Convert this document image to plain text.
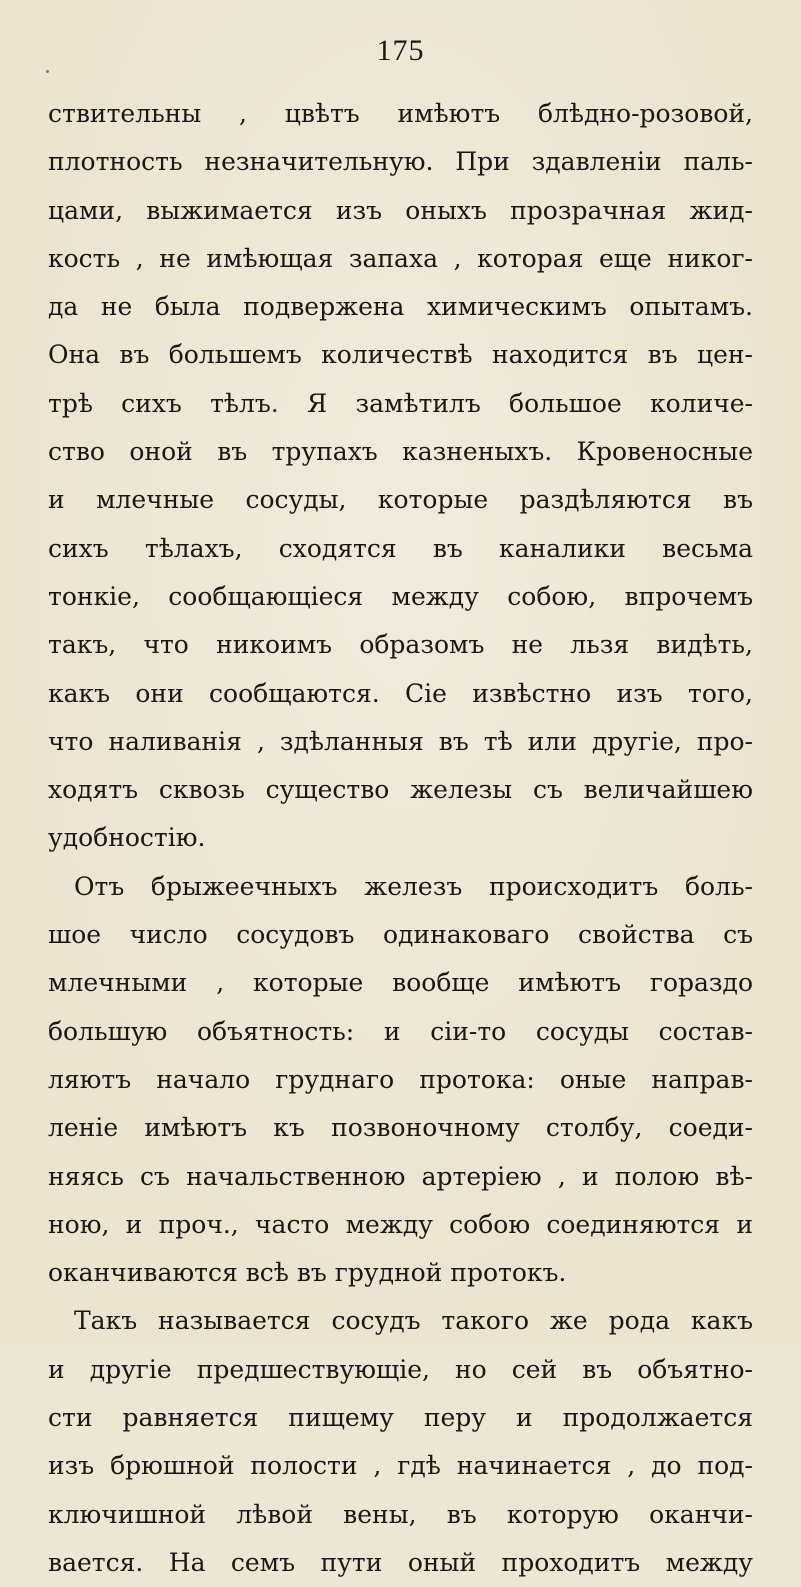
175
ствительны , цвѣтъ имѣютъ блѣдно-розовой,
плотность незначительную. При здавленіи паль-
цами, выжимается изъ оныхъ прозрачная жид-
кость , не имѣющая запаха , которая еще никог-
да не была подвержена химическимъ опытамъ.
Она въ большемъ количествѣ находится въ цен-
трѣ сихъ тѣлъ. Я замѣтилъ большое количе-
ство оной въ трупахъ казненыхъ. Кровеносные
и млечные сосуды, которые раздѣляются въ
сихъ тѣлахъ, сходятся въ каналики весьма
тонкіе, сообщающіеся между собою, впрочемъ
такъ, что никоимъ образомъ не льзя видѣть,
какъ они сообщаются. Сіе извѣстно изъ того,
что наливанія , здѣланныя въ тѣ или другіе, про-
ходятъ сквозь существо железы съ величайшею
удобностію.
Отъ брыжеечныхъ железъ происходитъ боль-
шое число сосудовъ одинаковаго свойства съ
млечными , которые вообще имѣютъ гораздо
большую объятность: и сіи-то сосуды состав-
ляютъ начало груднаго протока: оные направ-
леніе имѣютъ къ позвоночному столбу, соеди-
няясь съ начальственною артеріею , и полою вѣ-
ною, и проч., часто между собою соединяются и
оканчиваются всѣ въ грудной протокъ.
Такъ называется сосудъ такого же рода какъ
и другіе предшествующіе, но сей въ объятно-
сти равняется пищему перу и продолжается
изъ брюшной полости , гдѣ начинается , до под-
ключишной лѣвой вены, въ которую оканчи-
вается. На семъ пути оный проходитъ между
